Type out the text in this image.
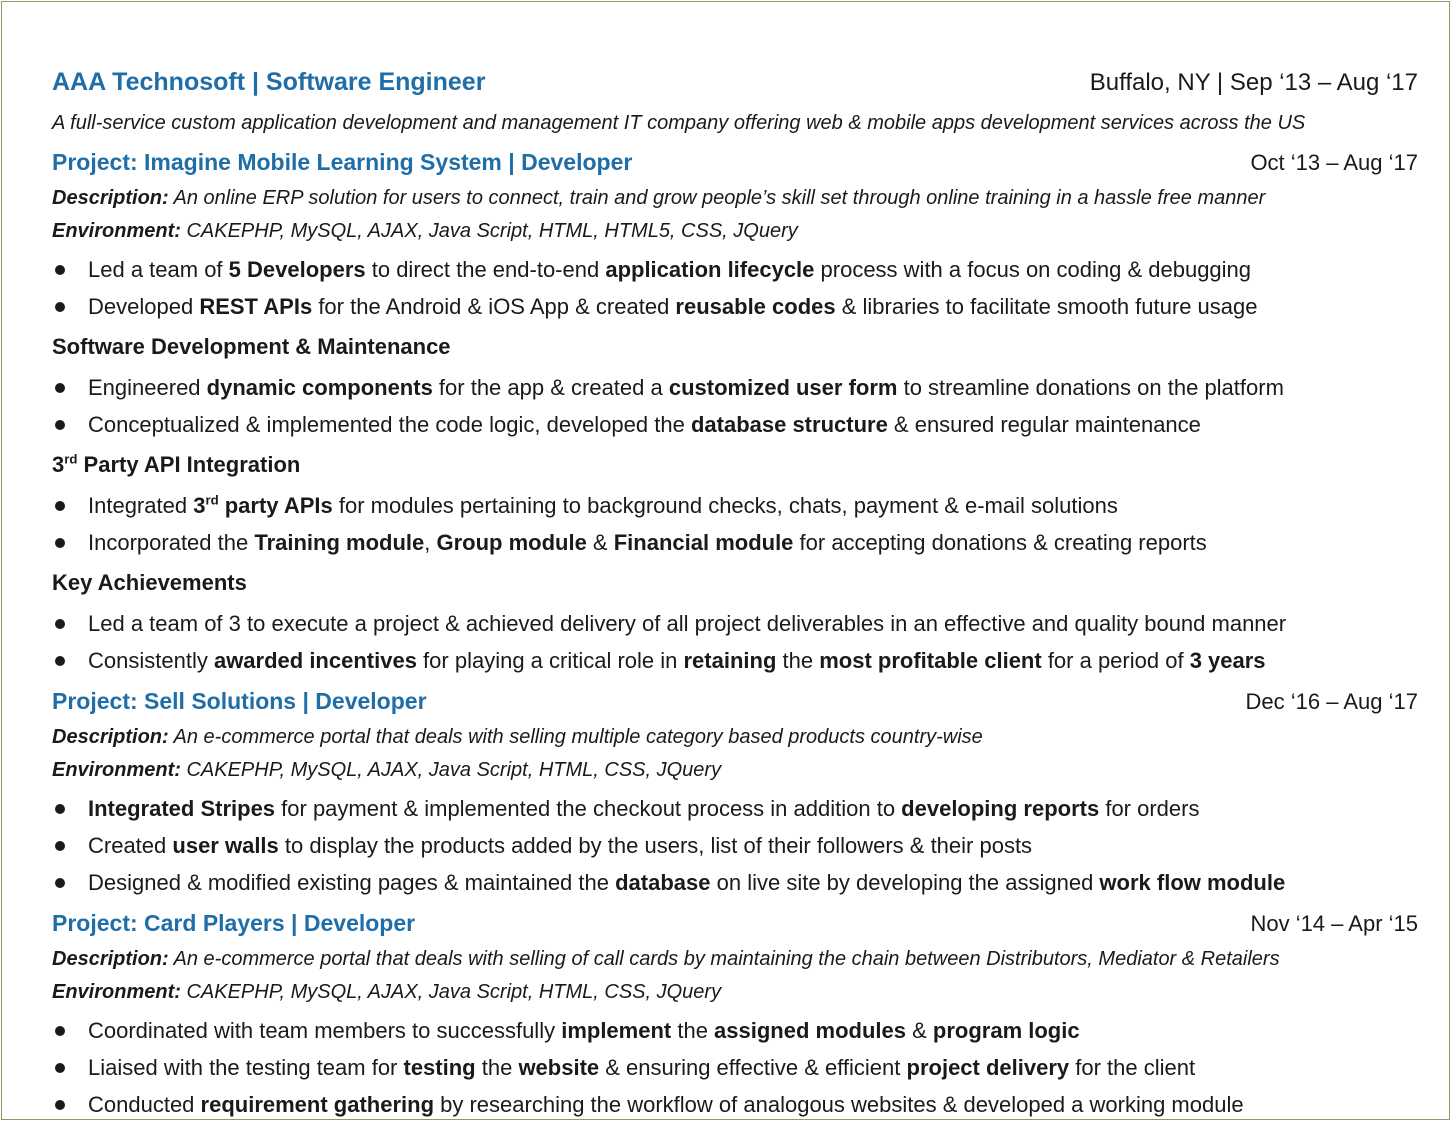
AAA Technosoft | Software Engineer	Buffalo, NY | Sep ‘13 – Aug ‘17
A full-service custom application development and management IT company offering web & mobile apps development services across the US
Project: Imagine Mobile Learning System | Developer	Oct ‘13 – Aug ‘17
Description: An online ERP solution for users to connect, train and grow people’s skill set through online training in a hassle free manner
Environment: CAKEPHP, MySQL, AJAX, Java Script, HTML, HTML5, CSS, JQuery
Led a team of 5 Developers to direct the end-to-end application lifecycle process with a focus on coding & debugging
Developed REST APIs for the Android & iOS App & created reusable codes & libraries to facilitate smooth future usage
Software Development & Maintenance
Engineered dynamic components for the app & created a customized user form to streamline donations on the platform
Conceptualized & implemented the code logic, developed the database structure & ensured regular maintenance
3rd Party API Integration
Integrated 3rd party APIs for modules pertaining to background checks, chats, payment & e-mail solutions
Incorporated the Training module, Group module & Financial module for accepting donations & creating reports
Key Achievements
Led a team of 3 to execute a project & achieved delivery of all project deliverables in an effective and quality bound manner
Consistently awarded incentives for playing a critical role in retaining the most profitable client for a period of 3 years
Project: Sell Solutions | Developer	Dec ‘16 – Aug ‘17
Description: An e-commerce portal that deals with selling multiple category based products country-wise
Environment: CAKEPHP, MySQL, AJAX, Java Script, HTML, CSS, JQuery
Integrated Stripes for payment & implemented the checkout process in addition to developing reports for orders
Created user walls to display the products added by the users, list of their followers & their posts
Designed & modified existing pages & maintained the database on live site by developing the assigned work flow module
Project: Card Players | Developer	Nov ‘14 – Apr ‘15
Description: An e-commerce portal that deals with selling of call cards by maintaining the chain between Distributors, Mediator & Retailers
Environment: CAKEPHP, MySQL, AJAX, Java Script, HTML, CSS, JQuery
Coordinated with team members to successfully implement the assigned modules & program logic
Liaised with the testing team for testing the website & ensuring effective & efficient project delivery for the client
Conducted requirement gathering by researching the workflow of analogous websites & developed a working module
